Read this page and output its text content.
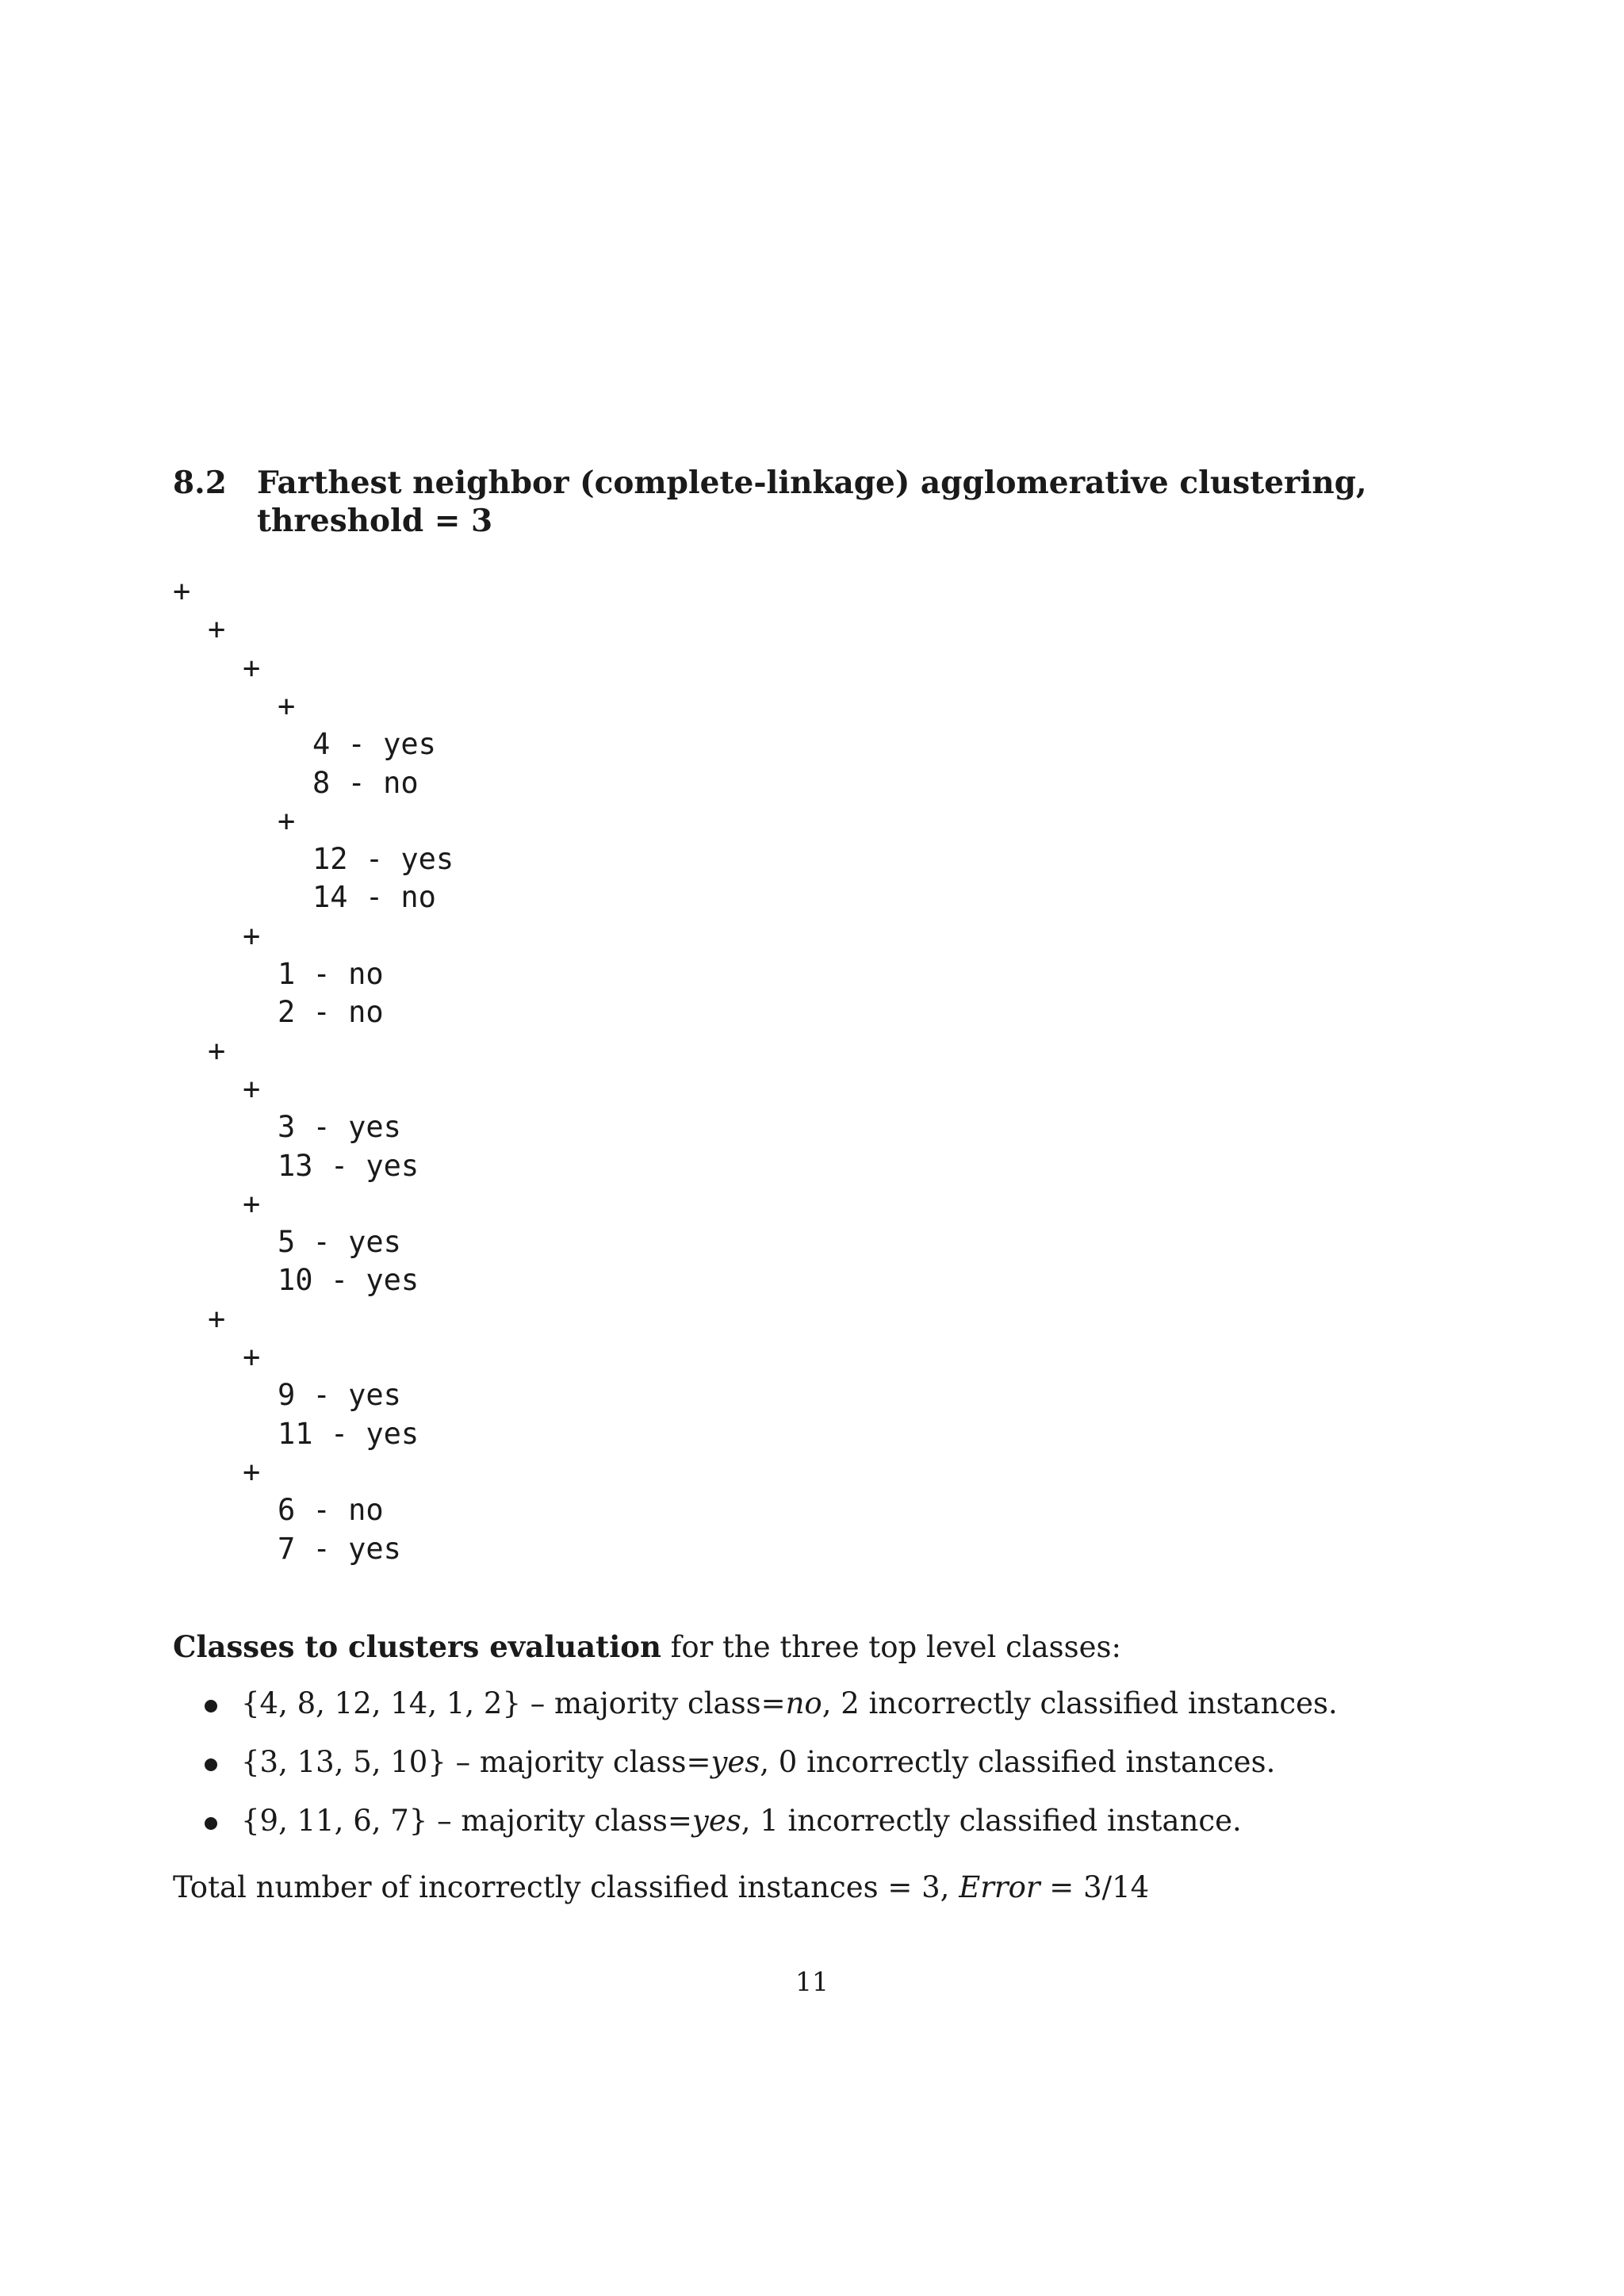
8.2 Farthest neighbor (complete-linkage) agglomerative clustering,
threshold = 3
+
+
+
+
4 - yes
8 - no
+
12 - yes
14 - no
+
1 - no
2 - no
+
+
3 - yes
13 - yes
+
5 - yes
10 - yes
+
+
9 - yes
11 - yes
+
6 - no
7 - yes
Classes to clusters evaluation for the three top level classes:
{4, 8, 12, 14, 1, 2} – majority class=no, 2 incorrectly classified instances.
{3, 13, 5, 10} – majority class=yes, 0 incorrectly classified instances.
{9, 11, 6, 7} – majority class=yes, 1 incorrectly classified instance.
Total number of incorrectly classified instances = 3, Error = 3/14
11
